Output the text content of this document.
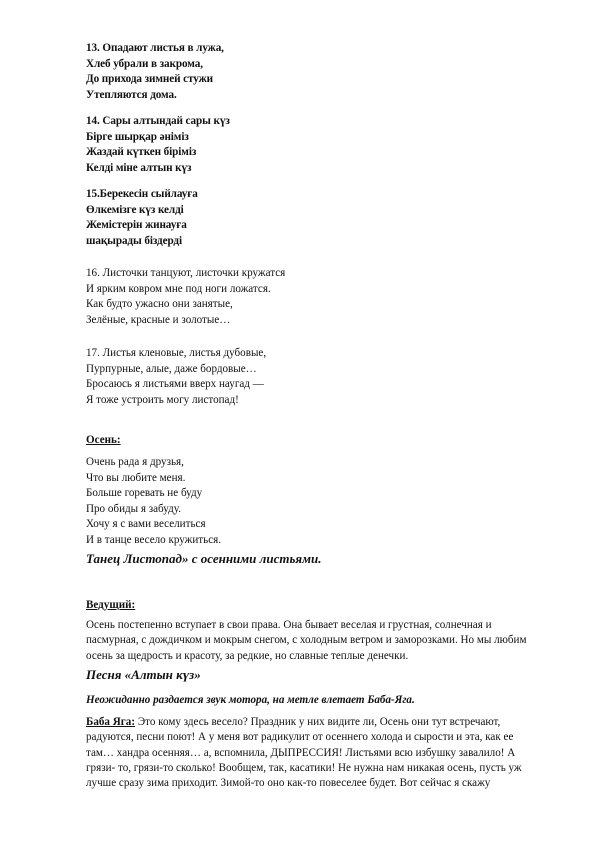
13. Опадают листья в лужа,
Хлеб убрали в закрома,
До прихода зимней стужи
Утепляются дома.
14. Сары алтындай сары күз
Бірге шырқар әніміз
Жаздай күткен біріміз
Келді міне алтын күз
15.Берекесін сыйлауға
Өлкемізге күз келді
Жемістерін жинауға
шақырады біздерді
16. Листочки танцуют, листочки кружатся
И ярким ковром мне под ноги ложатся.
Как будто ужасно они занятые,
Зелёные, красные и золотые…
17. Листья кленовые, листья дубовые,
Пурпурные, алые, даже бордовые…
Бросаюсь я листьями вверх наугад —
Я тоже устроить могу листопад!
Осень:
Очень рада я друзья,
Что вы любите меня.
Больше горевать не буду
Про обиды я забуду.
Хочу я с вами веселиться
И в танце весело кружиться.
Танец Листопад» с осенними листьями.
Ведущий:

Осень постепенно вступает в свои права. Она бывает веселая и грустная, солнечная и пасмурная, с дождичком и мокрым снегом, с холодным ветром и заморозками. Но мы любим осень за щедрость и красоту, за редкие, но славные теплые денечки.

Песня «Алтын күз»
Неожиданно раздается звук мотора, на метле влетает Баба-Яга.

Баба Яга: Это кому здесь весело? Праздник у них видите ли, Осень они тут встречают, радуются, песни поют! А у меня вот радикулит от осеннего холода и сырости и эта, как ее там… хандра осенняя… а, вспомнила, ДЫПРЕССИЯ! Листьями всю избушку завалило! А грязи- то, грязи-то сколько! Вообщем, так, касатики! Не нужна нам никакая осень, пусть уж лучше сразу зима приходит. Зимой-то оно как-то повеселее будет. Вот сейчас я скажу
